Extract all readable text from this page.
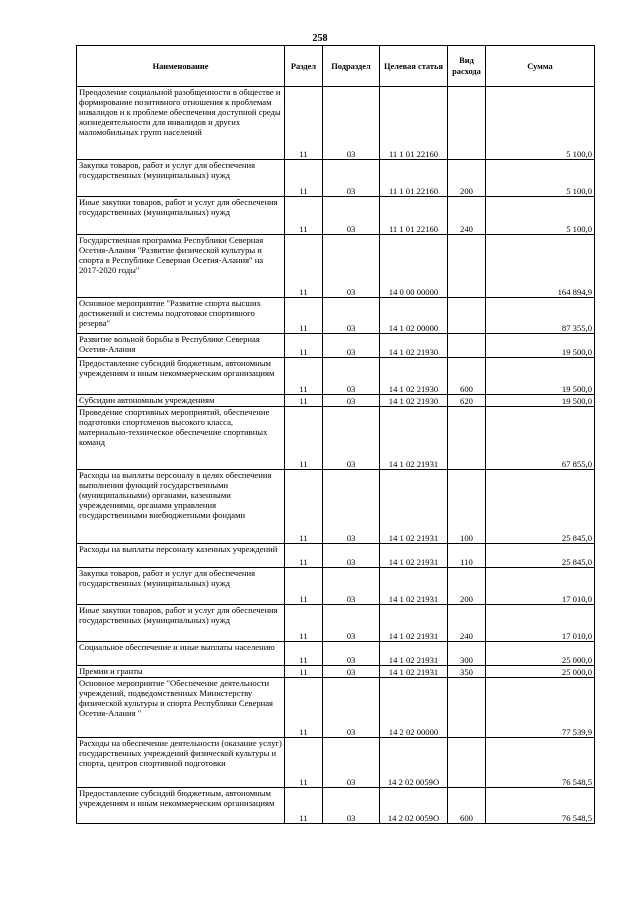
258
Наименование	Раздел	Подраздел	Целевая статья	Вид расхода	Сумма
Преодоление социальной разобщенности в обществе и формирование позитивного отношения к проблемам инвалидов и к проблеме обеспечения доступной среды жизнедеятельности для инвалидов и других маломобильных групп населений	11	03	11 1 01 22160		5 100,0
Закупка товаров, работ и услуг для обеспечения государственных (муниципальных) нужд	11	03	11 1 01 22160	200	5 100,0
Иные закупки товаров, работ и услуг для обеспечения государственных (муниципальных) нужд	11	03	11 1 01 22160	240	5 100,0
Государственная программа Республики Северная Осетия-Алания "Развитие физической культуры и спорта в Республике Северная Осетия-Алания" на 2017-2020 годы"	11	03	14 0 00 00000		164 894,9
Основное мероприятие "Развитие спорта высших достижений и системы подготовки спортивного резерва"	11	03	14 1 02 00000		87 355,0
Развитие вольной борьбы в Республике Северная Осетия-Алания	11	03	14 1 02 21930		19 500,0
Предоставление субсидий бюджетным, автономным учреждениям и иным некоммерческим организациям	11	03	14 1 02 21930	600	19 500,0
Субсидии автономным учреждениям	11	03	14 1 02 21930	620	19 500,0
Проведение спортивных мероприятий, обеспечение подготовки спортсменов высокого класса, материально-техническое обеспечение спортивных команд	11	03	14 1 02 21931		67 855,0
Расходы на выплаты персоналу в целях обеспечения выполнения функций государственными (муниципальными) органами, казенными учреждениями, органами управления государственными внебюджетными фондами	11	03	14 1 02 21931	100	25 845,0
Расходы на выплаты персоналу казенных учреждений	11	03	14 1 02 21931	110	25 845,0
Закупка товаров, работ и услуг для обеспечения государственных (муниципальных) нужд	11	03	14 1 02 21931	200	17 010,0
Иные закупки товаров, работ и услуг для обеспечения государственных (муниципальных) нужд	11	03	14 1 02 21931	240	17 010,0
Социальное обеспечение и иные выплаты населению	11	03	14 1 02 21931	300	25 000,0
Премии и гранты	11	03	14 1 02 21931	350	25 000,0
Основное мероприятие "Обеспечение деятельности учреждений, подведомственных Министерству физической культуры и спорта Республики Северная Осетия-Алания "	11	03	14 2 02 00000		77 539,9
Расходы на обеспечение деятельности (оказание услуг) государственных учреждений физической культуры и спорта, центров спортивной подготовки	11	03	14 2 02 0059О		76 548,5
Предоставление субсидий бюджетным, автономным учреждениям и иным некоммерческим организациям	11	03	14 2 02 0059О	600	76 548,5
